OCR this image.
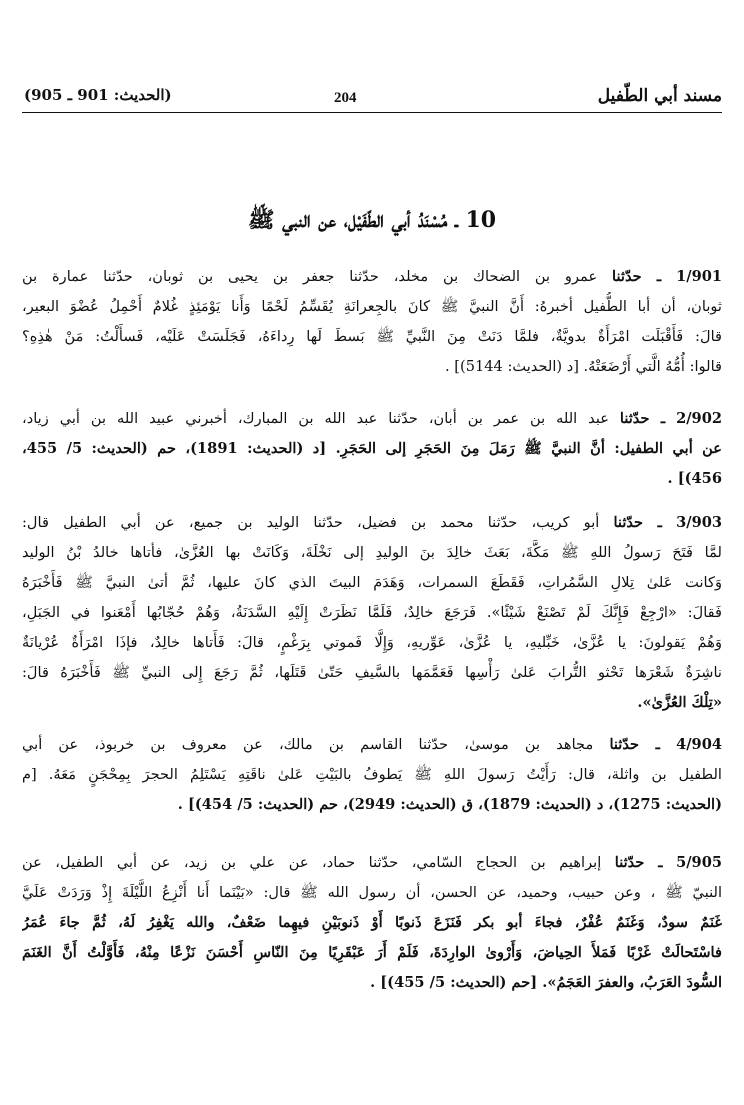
مسند أبي الطّفيل
204
(الحديث: 901 ـ 905)
10 ـ مُسْنَدُ أبي الطّفَيْل، عن النبي ﷺ
1/901 ـ حدّثنا عمرو بن الضحاك بن مخلد، حدّثنا جعفر بن يحيى بن ثوبان، حدّثنا عمارة بن
ثوبان، أن أبا الطُّفيل أخبرهُ: أَنَّ النبيَّ ﷺ كانَ بالجِعرانَةِ يُقَسِّمُ لَحْمًا وَأَنا يَوْمَئِذٍ غُلامٌ أَحْمِلُ عُضْوَ البعير،
قالَ: فَأَقْبَلَت امْرَأَةٌ بدويَّةٌ، فلمَّا دَنَتْ مِنَ النَّبيِّ ﷺ بَسطَ لَها رِداءَهُ، فَجَلَسَتْ عَلَيْه، فَسأَلْتُ: مَنْ هٰذِهِ؟
قالوا: أُمُّهُ الَّتي أَرْضَعَتْهُ. [د (الحديث: 5144)] .
2/902 ـ حدّثنا عبد الله بن عمر بن أبان، حدّثنا عبد الله بن المبارك، أخبرني عبيد الله بن أبي زياد،
عن أبي الطفيل: أنَّ النبيَّ ﷺ رَمَلَ مِنَ الحَجَرِ إلى الحَجَرِ. [د (الحديث: 1891)، حم (الحديث: 5/ 455،
456)] .
3/903 ـ حدّثنا أبو كريب، حدّثنا محمد بن فضيل، حدّثنا الوليد بن جميع، عن أبي الطفيل قال:
لمَّا فَتَحَ رَسولُ اللهِ ﷺ مَكَّةَ، بَعَثَ خالِدَ بنَ الوليدِ إلى نَخْلَةَ، وَكَانَتْ بها العُزَّىٰ، فأتاها خالدُ بْنُ الوليد
وَكانت عَلىٰ تِلالِ السَّمُراتِ، فَقَطَعَ السمرات، وَهَدَمَ البيتَ الذي كانَ عليها، ثُمَّ أتىٰ النبيَّ ﷺ فَأَخْبَرَهُ
فَقالَ: «ارْجِعْ فَإِنَّكَ لَمْ تَصْنَعْ شَيْئًا». فَرَجَعَ خالِدٌ، فَلَمَّا نَظَرَتْ إِلَيْهِ السَّدَنَةُ، وَهُمْ حُجّابُها أَمْعَنوا في الجَبَلِ،
وَهُمْ يَقولونَ: يا عُزَّىٰ، خَبِّليهِ، يا عُزَّىٰ، عَوِّريهِ، وَإِلَّا فَموتي بِرَغْمٍ، قالَ: فَأَتاها خالِدٌ، فإذَا امْرَأَةٌ عُرْيانَةٌ
ناشِرَةٌ شَعْرَها تَحْثو التُّرابَ عَلىٰ رَأْسِها فَعَمَّمَها بالسَّيفِ حَتّىٰ قَتَلَها، ثُمَّ رَجَعَ إِلى النبيِّ ﷺ فَأَخْبَرَهُ قالَ:
«تِلْكَ العُزَّىٰ».
4/904 ـ حدّثنا مجاهد بن موسىٰ، حدّثنا القاسم بن مالك، عن معروف بن خربوذ، عن أبي
الطفيل بن واثلة، قال: رَأَيْتُ رَسولَ اللهِ ﷺ يَطوفُ بالبَيْتِ عَلىٰ ناقَتِهِ يَسْتَلِمُ الحجرَ بِمِحْجَنٍ مَعَهُ. [م
(الحديث: 1275)، د (الحديث: 1879)، ق (الحديث: 2949)، حم (الحديث: 5/ 454)] .
5/905 ـ حدّثنا إبراهيم بن الحجاج السّامي، حدّثنا حماد، عن علي بن زيد، عن أبي الطفيل، عن
النبيّ ﷺ ، وعن حبيب، وحميد، عن الحسن، أن رسول الله ﷺ قال: «بَيْنَما أَنا أَنْزِعُ اللَّيْلَةَ إِذْ وَرَدَتْ عَلَيَّ
غَنَمٌ سودٌ، وَغَنَمٌ عُفْرٌ، فجاءَ أبو بكر فَنَزَعَ ذَنوبًا أَوْ ذَنوبَيْنِ فيهِما ضَعْفٌ، والله يَغْفِرُ لَهُ، ثُمَّ جاءَ عُمَرُ
فاسْتَحالَتْ غَرْبًا فَمَلأَ الحِياضَ، وَأَرْوىٰ الوارِدَةَ، فَلَمْ أَرَ عَبْقَرِيًا مِنَ النّاسِ أَحْسَنَ نَزْعًا مِنْهُ، فَأَوَّلْتُ أَنَّ الغَنَمَ
السُّودَ العَرَبُ، والعفرَ العَجَمُ». [حم (الحديث: 5/ 455)] .
